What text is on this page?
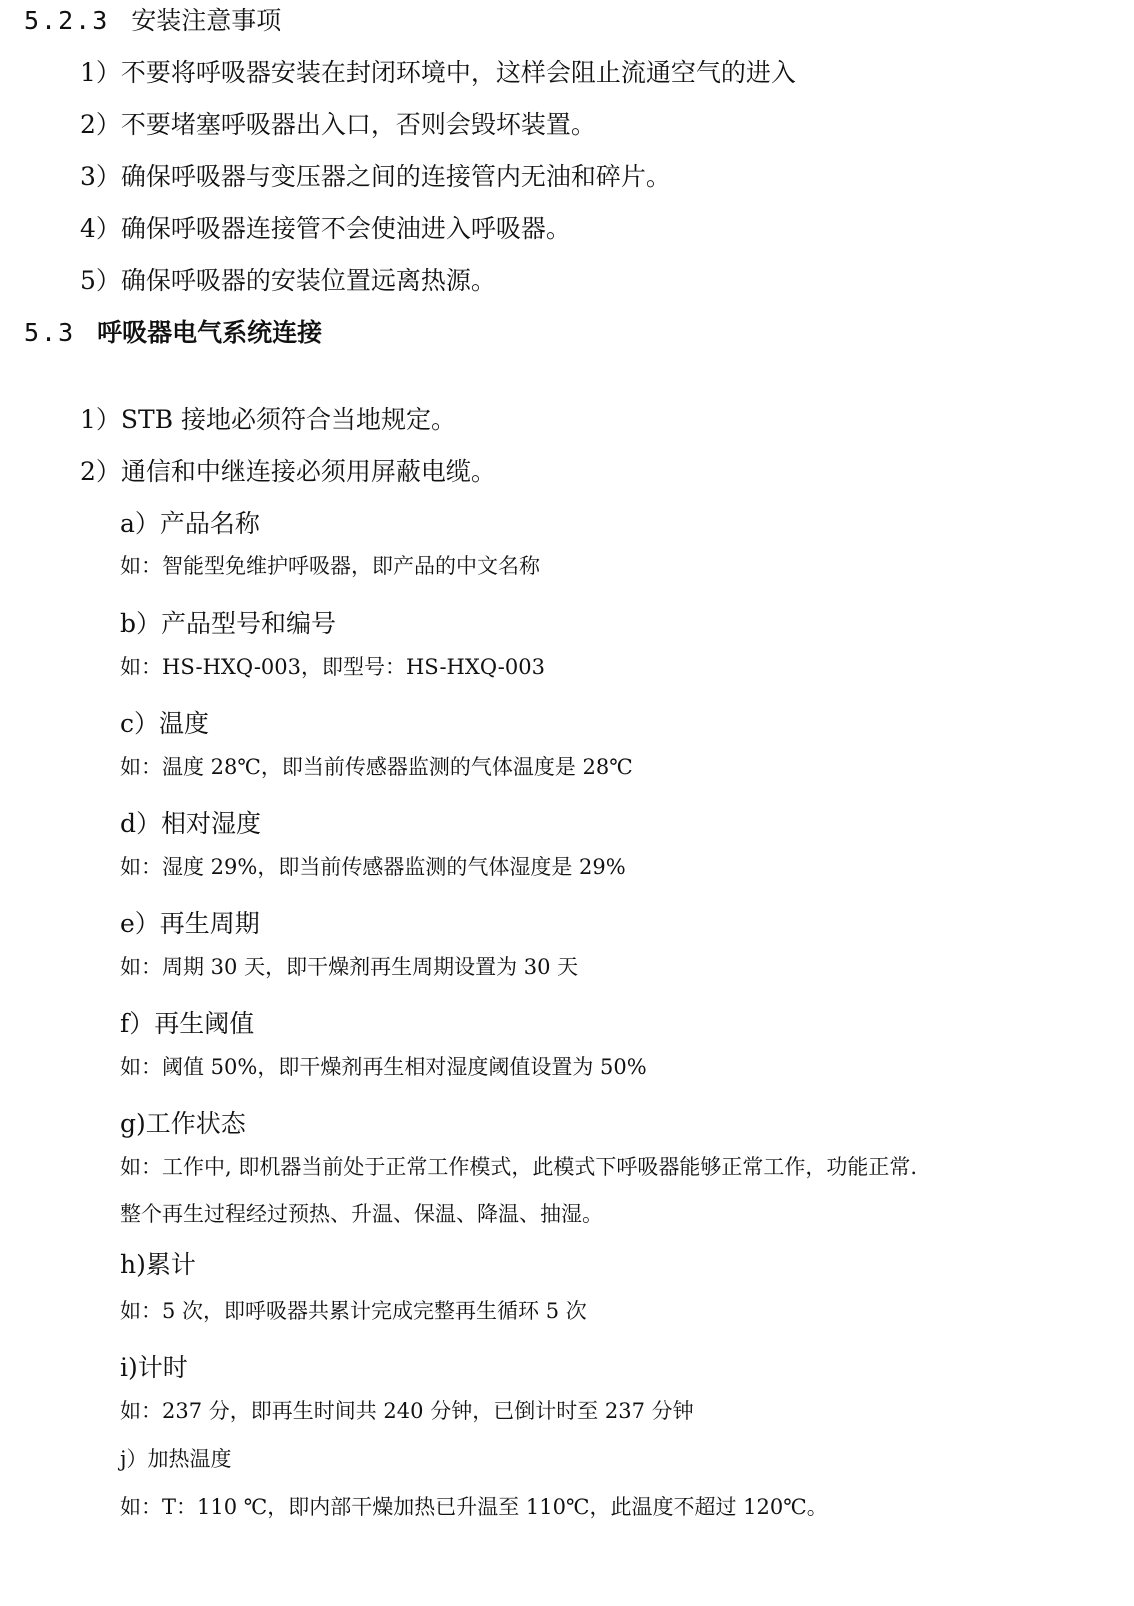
5.2.3 安装注意事项
1）不要将呼吸器安装在封闭环境中，这样会阻止流通空气的进入
2）不要堵塞呼吸器出入口，否则会毁坏装置。
3）确保呼吸器与变压器之间的连接管内无油和碎片。
4）确保呼吸器连接管不会使油进入呼吸器。
5）确保呼吸器的安装位置远离热源。
5.3 呼吸器电气系统连接
1）STB 接地必须符合当地规定。
2）通信和中继连接必须用屏蔽电缆。
a）产品名称
如：智能型免维护呼吸器，即产品的中文名称
b）产品型号和编号
如：HS-HXQ-003，即型号：HS-HXQ-003
c）温度
如：温度 28℃，即当前传感器监测的气体温度是 28℃
d）相对湿度
如：湿度 29%，即当前传感器监测的气体湿度是 29%
e）再生周期
如：周期 30 天，即干燥剂再生周期设置为 30 天
f）再生阈值
如：阈值 50%，即干燥剂再生相对湿度阈值设置为 50%
g)工作状态
如：工作中, 即机器当前处于正常工作模式，此模式下呼吸器能够正常工作，功能正常.
整个再生过程经过预热、升温、保温、降温、抽湿。
h)累计
如：5 次，即呼吸器共累计完成完整再生循环 5 次
i)计时
如：237 分，即再生时间共 240 分钟，已倒计时至 237 分钟
j）加热温度
如：T：110 ℃，即内部干燥加热已升温至 110℃，此温度不超过 120℃。
